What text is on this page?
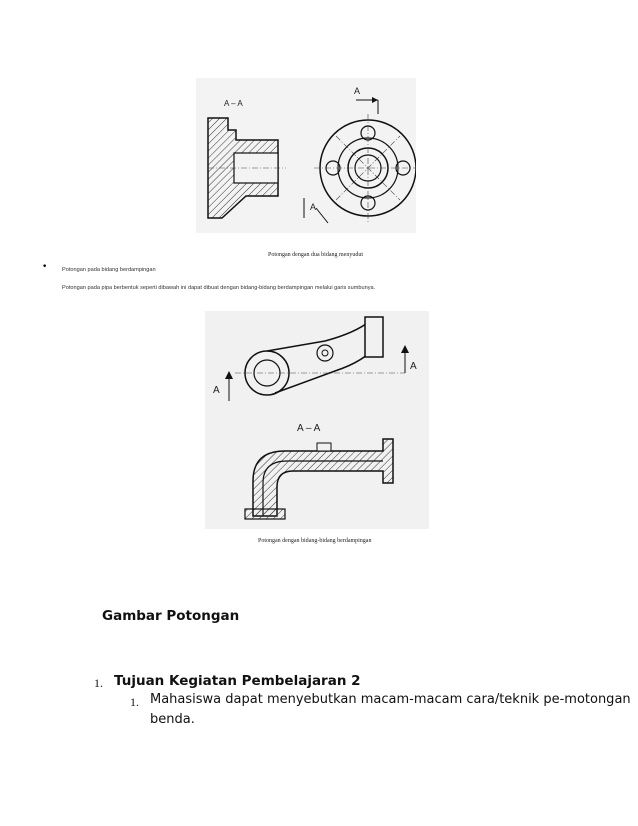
A – A
A
A
Potongan dengan dua bidang menyudut
•	Potongan pada bidang berdampingan
Potongan pada pipa berbentuk seperti dibawah ini dapat dibuat dengan bidang-bidang berdampingan melalui garis sumbunya.
A
A
A – A
Potongan dengan bidang-bidang berdampingan
Gambar Potongan
1. Tujuan Kegiatan Pembelajaran 2
1. Mahasiswa dapat menyebutkan macam-macam cara/teknik pe-motongan
benda.
